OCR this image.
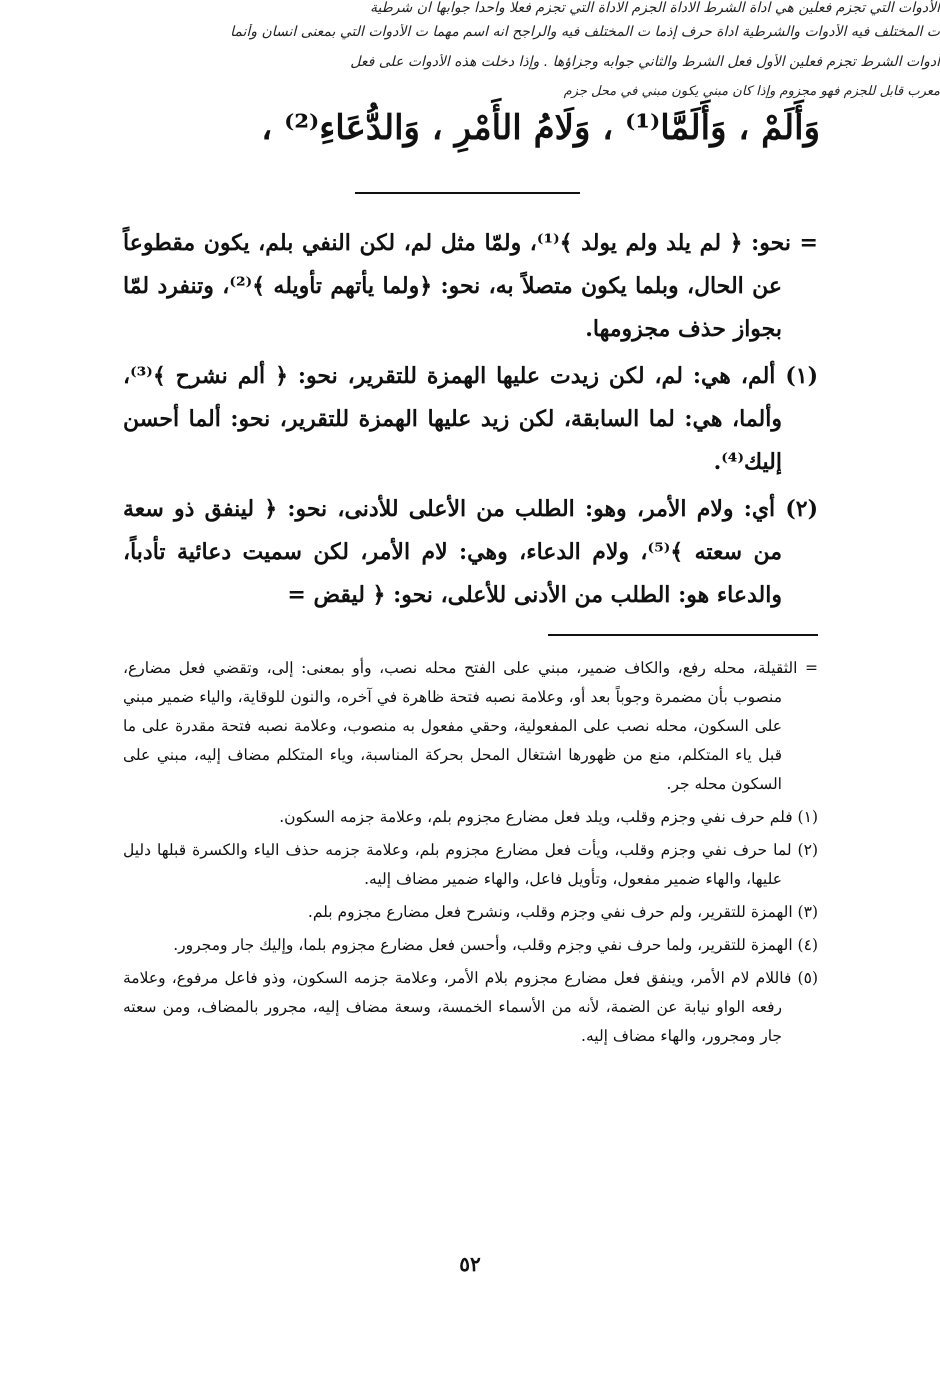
الأدوات التي تجزم فعلين هي اداة الشرط الاداة الجزم الاداة التي تجزم فعلا واحدا جوابها ان شرطية
ت المختلف فيه الأدوات والشرطية اداة حرف إذما ت المختلف فيه والراجح انه اسم مهما ت الأدوات التي بمعنى انسان وأنما
أدوات الشرط تجزم فعلين الأول فعل الشرط والثاني جوابه وجزاؤها . وإذا دخلت هذه الأدوات على فعل
معرب قابل للجزم فهو مجزوم وإذا كان مبني يكون مبني في محل جزم
وَأَلَمْ ، وَأَلَمَّا⁽¹⁾ ، وَلَامُ الأَمْرِ ، وَالدُّعَاءِ⁽²⁾ ،

= نحو: ﴿ لم يلد ولم يولد ﴾⁽¹⁾، ولمّا مثل لم، لكن النفي بلم، يكون مقطوعاً عن الحال، وبلما يكون متصلاً به، نحو: ﴿ولما يأتهم تأويله ﴾⁽²⁾، وتنفرد لمّا بجواز حذف مجزومها.

(١) ألم، هي: لم، لكن زيدت عليها الهمزة للتقرير، نحو: ﴿ ألم نشرح ﴾⁽³⁾، وألما، هي: لما السابقة، لكن زيد عليها الهمزة للتقرير، نحو: ألما أحسن إليك⁽⁴⁾.

(٢) أي: ولام الأمر، وهو: الطلب من الأعلى للأدنى، نحو: ﴿ لينفق ذو سعة من سعته ﴾⁽⁵⁾، ولام الدعاء، وهي: لام الأمر، لكن سميت دعائية تأدباً، والدعاء هو: الطلب من الأدنى للأعلى، نحو: ﴿ ليقض =

= الثقيلة، محله رفع، والكاف ضمير، مبني على الفتح محله نصب، وأو بمعنى: إلى، وتقضي فعل مضارع، منصوب بأن مضمرة وجوباً بعد أو، وعلامة نصبه فتحة ظاهرة في آخره، والنون للوقاية، والياء ضمير مبني على السكون، محله نصب على المفعولية، وحقي مفعول به منصوب، وعلامة نصبه فتحة مقدرة على ما قبل ياء المتكلم، منع من ظهورها اشتغال المحل بحركة المناسبة، وياء المتكلم مضاف إليه، مبني على السكون محله جر.

(١) فلم حرف نفي وجزم وقلب، ويلد فعل مضارع مجزوم بلم، وعلامة جزمه السكون.

(٢) لما حرف نفي وجزم وقلب، ويأت فعل مضارع مجزوم بلم، وعلامة جزمه حذف الياء والكسرة قبلها دليل عليها، والهاء ضمير مفعول، وتأويل فاعل، والهاء ضمير مضاف إليه.

(٣) الهمزة للتقرير، ولم حرف نفي وجزم وقلب، ونشرح فعل مضارع مجزوم بلم.

(٤) الهمزة للتقرير، ولما حرف نفي وجزم وقلب، وأحسن فعل مضارع مجزوم بلما، وإليك جار ومجرور.

(٥) فاللام لام الأمر، وينفق فعل مضارع مجزوم بلام الأمر، وعلامة جزمه السكون، وذو فاعل مرفوع، وعلامة رفعه الواو نيابة عن الضمة، لأنه من الأسماء الخمسة، وسعة مضاف إليه، مجرور بالمضاف، ومن سعته جار ومجرور، والهاء مضاف إليه.

٥٢
